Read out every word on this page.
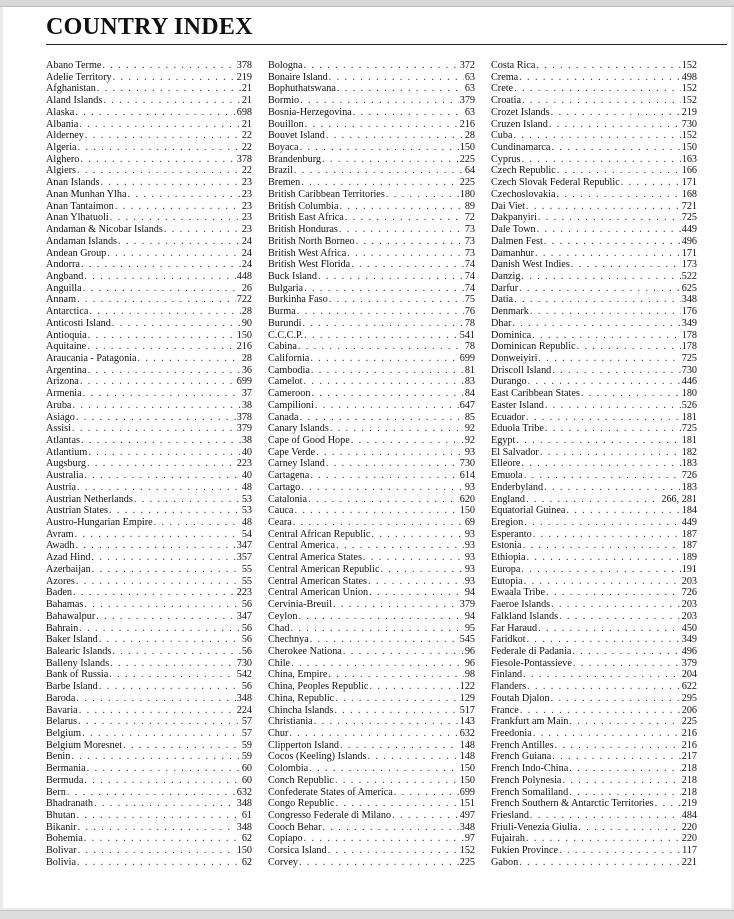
COUNTRY INDEX
Abano Terme . . .	378
Adelie Territory . . .	219
Afghanistan . . .	21
Aland Islands . . .	21
Alaska . . .	698
Albania . . .	21
Alderney . . .	22
Algeria . . .	22
Alghero . . .	378
Algiers . . .	22
Anan Islands . . .	23
Anan Munhan Ylha . . .	23
Anan Tantaimon . . .	23
Anan Ylhatuoli . . .	23
Andaman & Nicobar Islands . . .	23
Andaman Islands . . .	24
Andean Group . . .	24
Andorra . . .	24
Angband . . .	448
Anguilla . . .	26
Annam . . .	722
Antarctica . . .	28
Anticosti Island . . .	90
Antioquia . . .	150
Aquitaine . . .	216
Araucania - Patagonia . . .	28
Argentina . . .	36
Arizona . . .	699
Armenia . . .	37
Aruba . . .	38
Asiago . . .	378
Assisi . . .	379
Atlantas . . .	38
Atlantium . . .	40
Augsburg . . .	223
Australia . . .	40
Austria . . .	48
Austrian Netherlands . . .	53
Austrian States . . .	53
Austro-Hungarian Empire . . .	48
Avram . . .	54
Awadh . . .	347
Azad Hind . . .	357
Azerbaijan . . .	55
Azores . . .	55
Baden . . .	223
Bahamas . . .	56
Bahawalpur . . .	347
Bahrain . . .	56
Baker Island . . .	56
Balearic Islands . . .	56
Balleny Islands . . .	730
Bank of Russia . . .	542
Barbe Island . . .	56
Baroda . . .	348
Bavaria . . .	224
Belarus . . .	57
Belgium . . .	57
Belgium Moresnet . . .	59
Benin . . .	59
Bermania . . .	60
Bermuda . . .	60
Bern . . .	632
Bhadranath . . .	348
Bhutan . . .	61
Bikanir . . .	348
Bohemia . . .	62
Bolivar . . .	150
Bolivia . . .	62
Bologna . . .	372
Bonaire Island . . .	63
Bophuthatswana . . .	63
Bormio . . .	379
Bosnia-Herzegovina . . .	63
Bouillon . . .	216
Bouvet Island . . .	28
Boyaca . . .	150
Brandenburg . . .	225
Brazil . . .	64
Bremen . . .	225
British Caribbean Territories . . .	180
British Columbia . . .	89
British East Africa . . .	72
British Honduras . . .	73
British North Borneo . . .	73
British West Africa . . .	73
British West Florida . . .	74
Buck Island . . .	74
Bulgaria . . .	74
Burkinha Faso . . .	75
Burma . . .	76
Burundi . . .	78
C.C.C.P. . . .	541
Cabina . . .	78
California . . .	699
Cambodia . . .	81
Camelot . . .	83
Cameroon . . .	84
Campilioni . . .	647
Canada . . .	85
Canary Islands . . .	92
Cape of Good Hope . . .	92
Cape Verde . . .	93
Carney Island . . .	730
Cartagena . . .	614
Cartago . . .	93
Catalonia . . .	620
Cauca . . .	150
Ceara . . .	69
Central African Republic . . .	93
Central America . . .	93
Central America States . . .	93
Central American Republic . . .	93
Central American States . . .	93
Central American Union . . .	94
Cervinia-Breuil . . .	379
Ceylon . . .	94
Chad . . .	95
Chechnya . . .	545
Cherokee Nationa . . .	96
Chile . . .	96
China, Empire . . .	98
China, Peoples Republic . . .	122
China, Republic . . .	129
Chincha Islands . . .	517
Christiania . . .	143
Chur . . .	632
Clipperton Island . . .	148
Cocos (Keeling) Islands . . .	148
Colombia . . .	150
Conch Republic . . .	150
Confederate States of America . . .	699
Congo Republic . . .	151
Congresso Federale di Milano . . .	497
Cooch Behar . . .	348
Copiapo . . .	97
Corsica Island . . .	152
Corvey . . .	225
Costa Rica . . .	152
Crema . . .	498
Crete . . .	152
Croatia . . .	152
Crozet Islands . . .	219
Cruzen Island . . .	730
Cuba . . .	152
Cundinamarca . . .	150
Cyprus . . .	163
Czech Republic . . .	166
Czech Slovak Federal Republic . . .	171
Czechoslovakia . . .	168
Dai Viet . . .	721
Dakpanyiri . . .	725
Dale Town . . .	449
Dalmen Fest . . .	496
Damanhur . . .	171
Danish West Indies . . .	173
Danzig . . .	522
Darfur . . .	625
Datia . . .	348
Denmark . . .	176
Dhar . . .	349
Dominica . . .	178
Dominican Republic . . .	178
Donweiyiri . . .	725
Driscoll Island . . .	730
Durango . . .	446
East Caribbean States . . .	180
Easter Island . . .	526
Ecuador . . .	181
Eduola Tribe . . .	725
Egypt . . .	181
El Salvador . . .	182
Elleore . . .	183
Emuola . . .	726
Enderbyland . . .	183
England . . .	266, 281
Equatorial Guinea . . .	184
Eregion . . .	449
Esperanto . . .	187
Estonia . . .	187
Ethiopia . . .	189
Europa . . .	191
Eutopia . . .	203
Ewaala Tribe . . .	726
Faeroe Islands . . .	203
Falkland Islands . . .	203
Far Haraud . . .	450
Faridkot . . .	349
Federale di Padania . . .	496
Fiesole-Pontassieve . . .	379
Finland . . .	204
Flanders . . .	622
Foutah Djalon . . .	295
France . . .	206
Frankfurt am Main . . .	225
Freedonia . . .	216
French Antilles . . .	216
French Guiana . . .	217
French Indo-China . . .	218
French Polynesia . . .	218
French Somaliland . . .	218
French Southern & Antarctic Territories . . .	219
Friesland . . .	484
Friuli-Venezia Giulia . . .	220
Fujairah . . .	220
Fukien Province . . .	117
Gabon . . .	221
